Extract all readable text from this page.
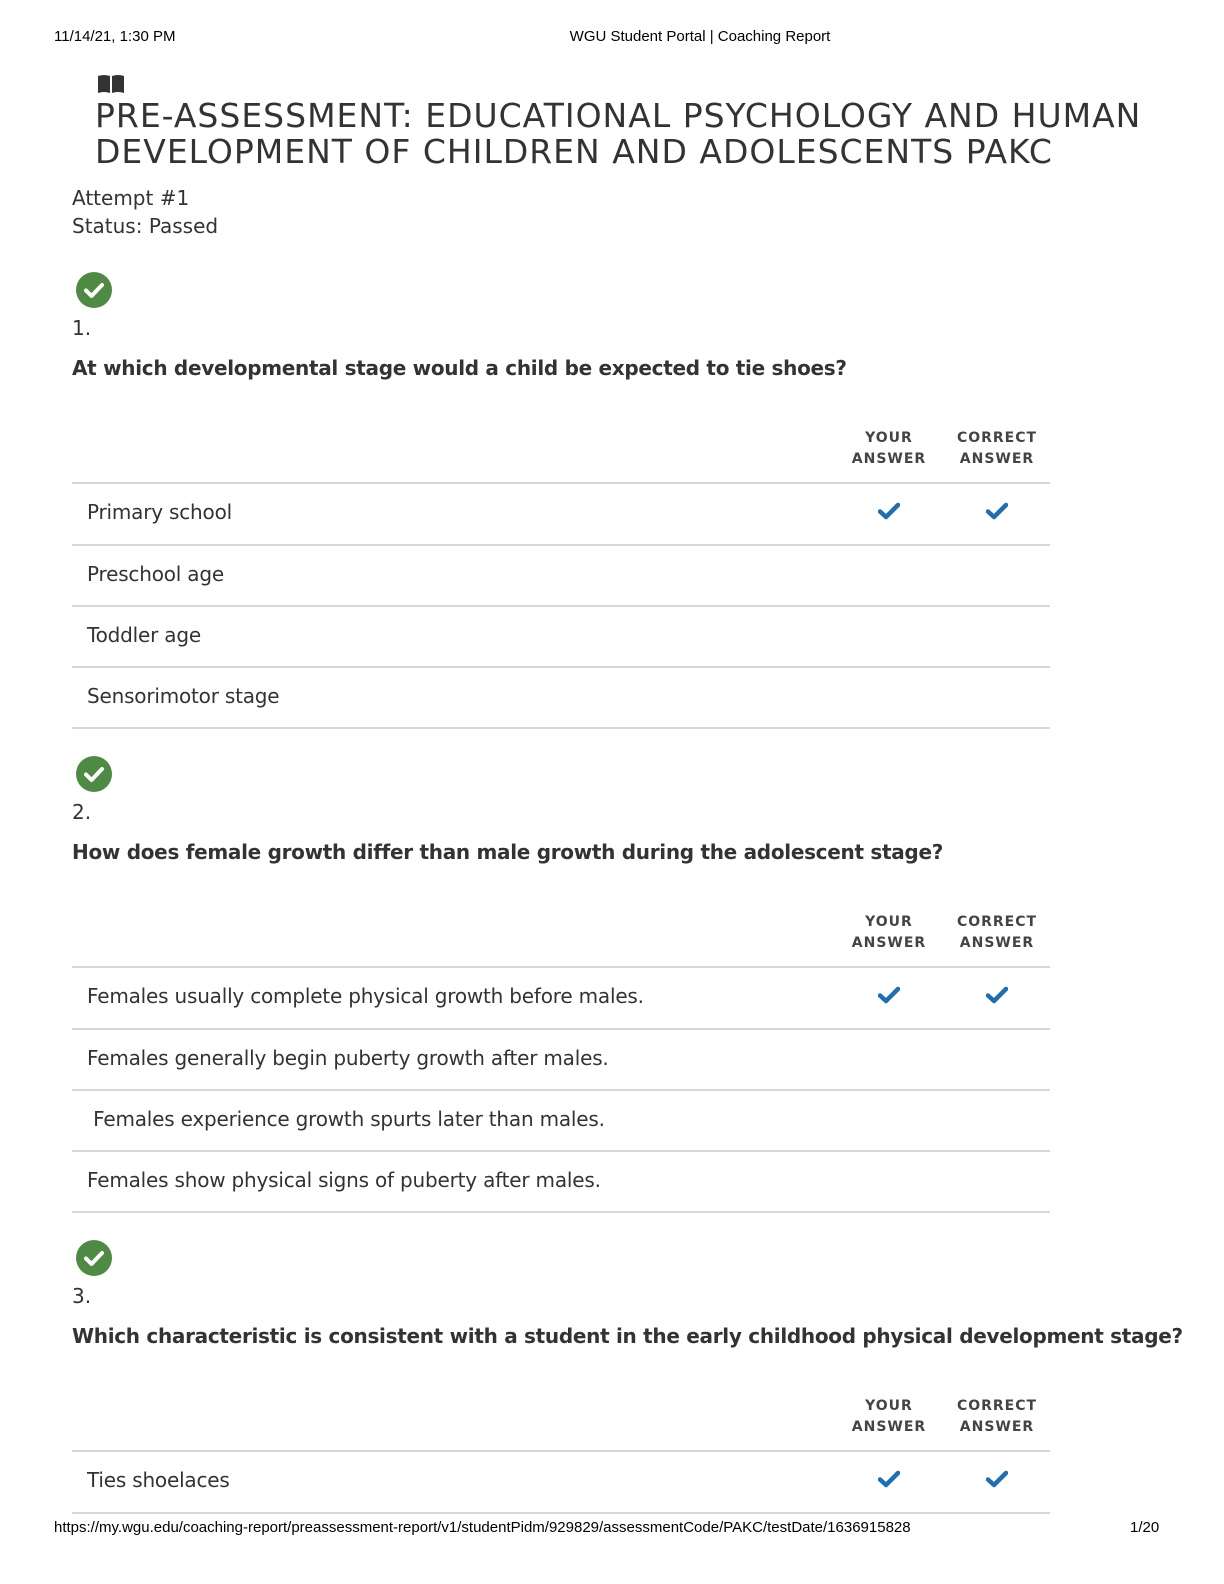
11/14/21, 1:30 PM	WGU Student Portal | Coaching Report
PRE-ASSESSMENT: EDUCATIONAL PSYCHOLOGY AND HUMAN DEVELOPMENT OF CHILDREN AND ADOLESCENTS PAKC
Attempt #1
Status: Passed
1.
At which developmental stage would a child be expected to tie shoes?
YOUR
ANSWER
CORRECT
ANSWER
Primary school
Preschool age
Toddler age
Sensorimotor stage
2.
How does female growth differ than male growth during the adolescent stage?
YOUR
ANSWER
CORRECT
ANSWER
Females usually complete physical growth before males.
Females generally begin puberty growth after males.
Females experience growth spurts later than males.
Females show physical signs of puberty after males.
3.
Which characteristic is consistent with a student in the early childhood physical development stage?
YOUR
ANSWER
CORRECT
ANSWER
Ties shoelaces
https://my.wgu.edu/coaching-report/preassessment-report/v1/studentPidm/929829/assessmentCode/PAKC/testDate/1636915828	1/20
